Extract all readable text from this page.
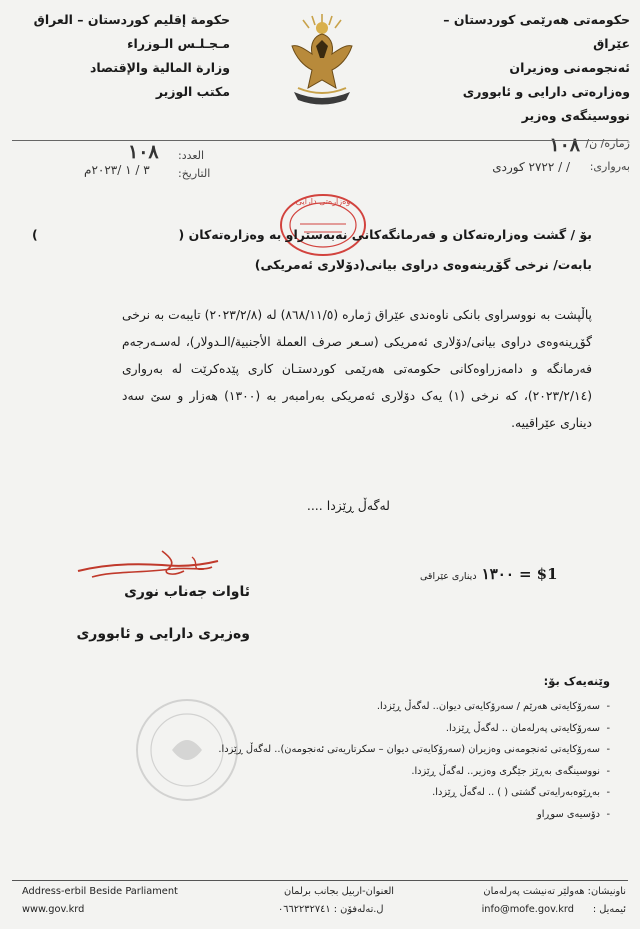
حکومەتی هەرێمی کوردستان – عێراق
ئەنجومەنی وەزیران
وەزارەتی دارایی و ئابووری
نووسینگەی وەزیر
حكومة إقليم كوردستان – العراق
مـجـلـس الـوزراء
وزارة المالية والإقتصاد
مكتب الوزير
ژمارە/ ن/
١٠٨
بەرواری:
/ / ٢٧٢٢ كوردی
العدد:
١٠٨
التاريخ:
٣ / ١ /٢٠٢٣م
وەزارەتی دارایی
بۆ / گشت وەزارەتەکان و فەرمانگەکانی نەبەستراو بە وەزارەتەکان (
)
بابەت/ نرخی گۆڕینەوەی دراوی بیانی(دۆلاری ئەمریکی)
پاڵپشت بە نووسراوی بانکی ناوەندی عێراق ژمارە (٨٦٨/١١/٥) لە (٢٠٢٣/٢/٨) تایبەت بە نرخی گۆڕینەوەی دراوی بیانی/دۆلاری ئەمریکی (سـعر صرف العملة الأجنبية/الـدولار)، لەسـەرجەم فەرمانگە و دامەزراوەکانی حکومەتی هەرێمی کوردستـان کاری پێدەکرێت لە بەرواری (٢٠٢٣/٢/١٤)، کە نرخی (١) یەک دۆلاری ئەمریکی بەرامبەر بە (١٣٠٠) هەزار و سێ سەد دیناری عێراقییە.
لەگەڵ ڕێزدا ....
دیناری عێراقی ١٣٠٠ = $1
ئاوات جەناب نوری
وەزیری دارایی و ئابووری
وێنەیەک بۆ:
- سەرۆکایەتی هەرێم / سەرۆکایەتی دیوان.. لەگەڵ ڕێزدا.
- سەرۆکایەتی پەرلەمان .. لەگەڵ ڕێزدا.
- سەرۆکایەتی ئەنجومەنی وەزیران (سەرۆکایەتی دیوان – سکرتاریەتی ئەنجومەن).. لەگەڵ ڕێزدا.
- نووسینگەی بەڕێز جێگری وەزیر.. لەگەڵ ڕێزدا.
- بەڕێوەبەرایەتی گشتی ( ) .. لەگەڵ ڕێزدا.
- دۆسیەی سوڕاو
Address-erbil Beside Parliament
www.gov.krd
العنوان-اربيل بجانب برلمان
ل.تەلەفۆن : ٠٦٦٢٢٣٢٧٤١
ناونیشان: هەولێر تەنیشت پەرلەمان
ئیمەیل :
info@mofe.gov.krd
